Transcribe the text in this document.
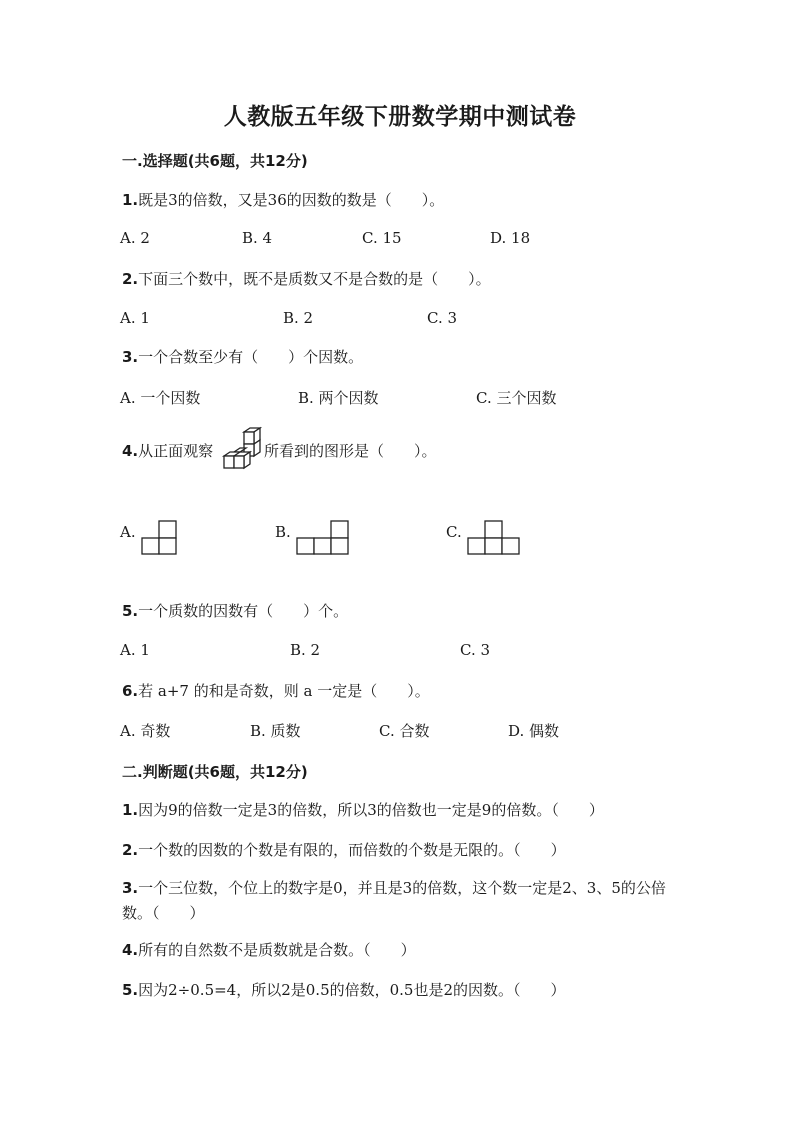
人教版五年级下册数学期中测试卷
一.选择题(共6题，共12分)
1.既是3的倍数，又是36的因数的数是（　　）。
A. 2	B. 4	C. 15	D. 18
2.下面三个数中，既不是质数又不是合数的是（　　）。
A. 1	B. 2	C. 3
3.一个合数至少有（　　）个因数。
A. 一个因数	B. 两个因数	C. 三个因数
4.从正面观察	所看到的图形是（　　）。
A.	B.	C.
5.一个质数的因数有（　　）个。
A. 1	B. 2	C. 3
6.若 a+7 的和是奇数，则 a 一定是（　　）。
A. 奇数	B. 质数	C. 合数	D. 偶数
二.判断题(共6题，共12分)
1.因为9的倍数一定是3的倍数，所以3的倍数也一定是9的倍数。（　　）
2.一个数的因数的个数是有限的，而倍数的个数是无限的。（　　）
3.一个三位数，个位上的数字是0，并且是3的倍数，这个数一定是2、3、5的公倍数。（　　）
4.所有的自然数不是质数就是合数。（　　）
5.因为2÷0.5=4，所以2是0.5的倍数，0.5也是2的因数。（　　）
